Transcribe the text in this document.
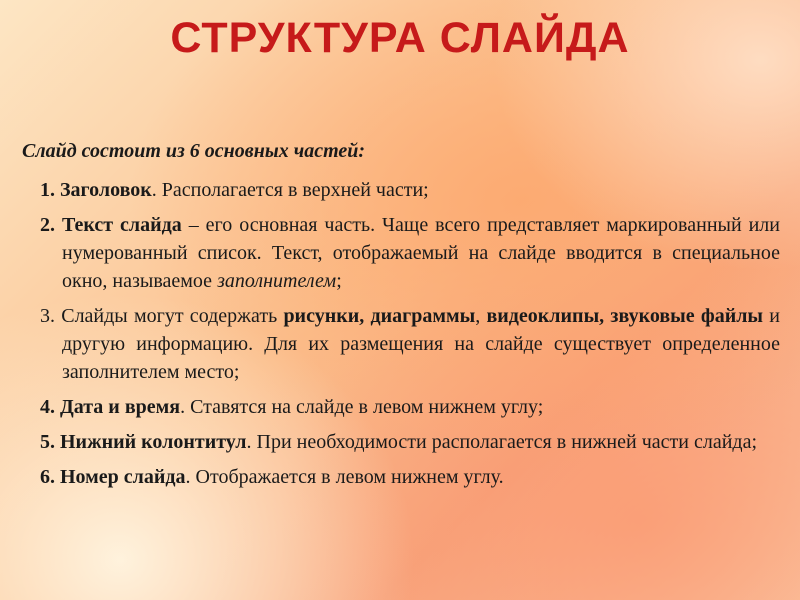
СТРУКТУРА СЛАЙДА
Слайд состоит из 6 основных частей:
1. Заголовок. Располагается в верхней части;
2. Текст слайда – его основная часть. Чаще всего представляет маркированный или нумерованный список. Текст, отображаемый на слайде вводится в специальное окно, называемое заполнителем;
3. Слайды могут содержать рисунки, диаграммы, видеоклипы, звуковые файлы и другую информацию. Для их размещения на слайде существует определенное заполнителем место;
4. Дата и время. Ставятся на слайде в левом нижнем углу;
5. Нижний колонтитул. При необходимости располагается в нижней части слайда;
6. Номер слайда. Отображается в левом нижнем углу.
